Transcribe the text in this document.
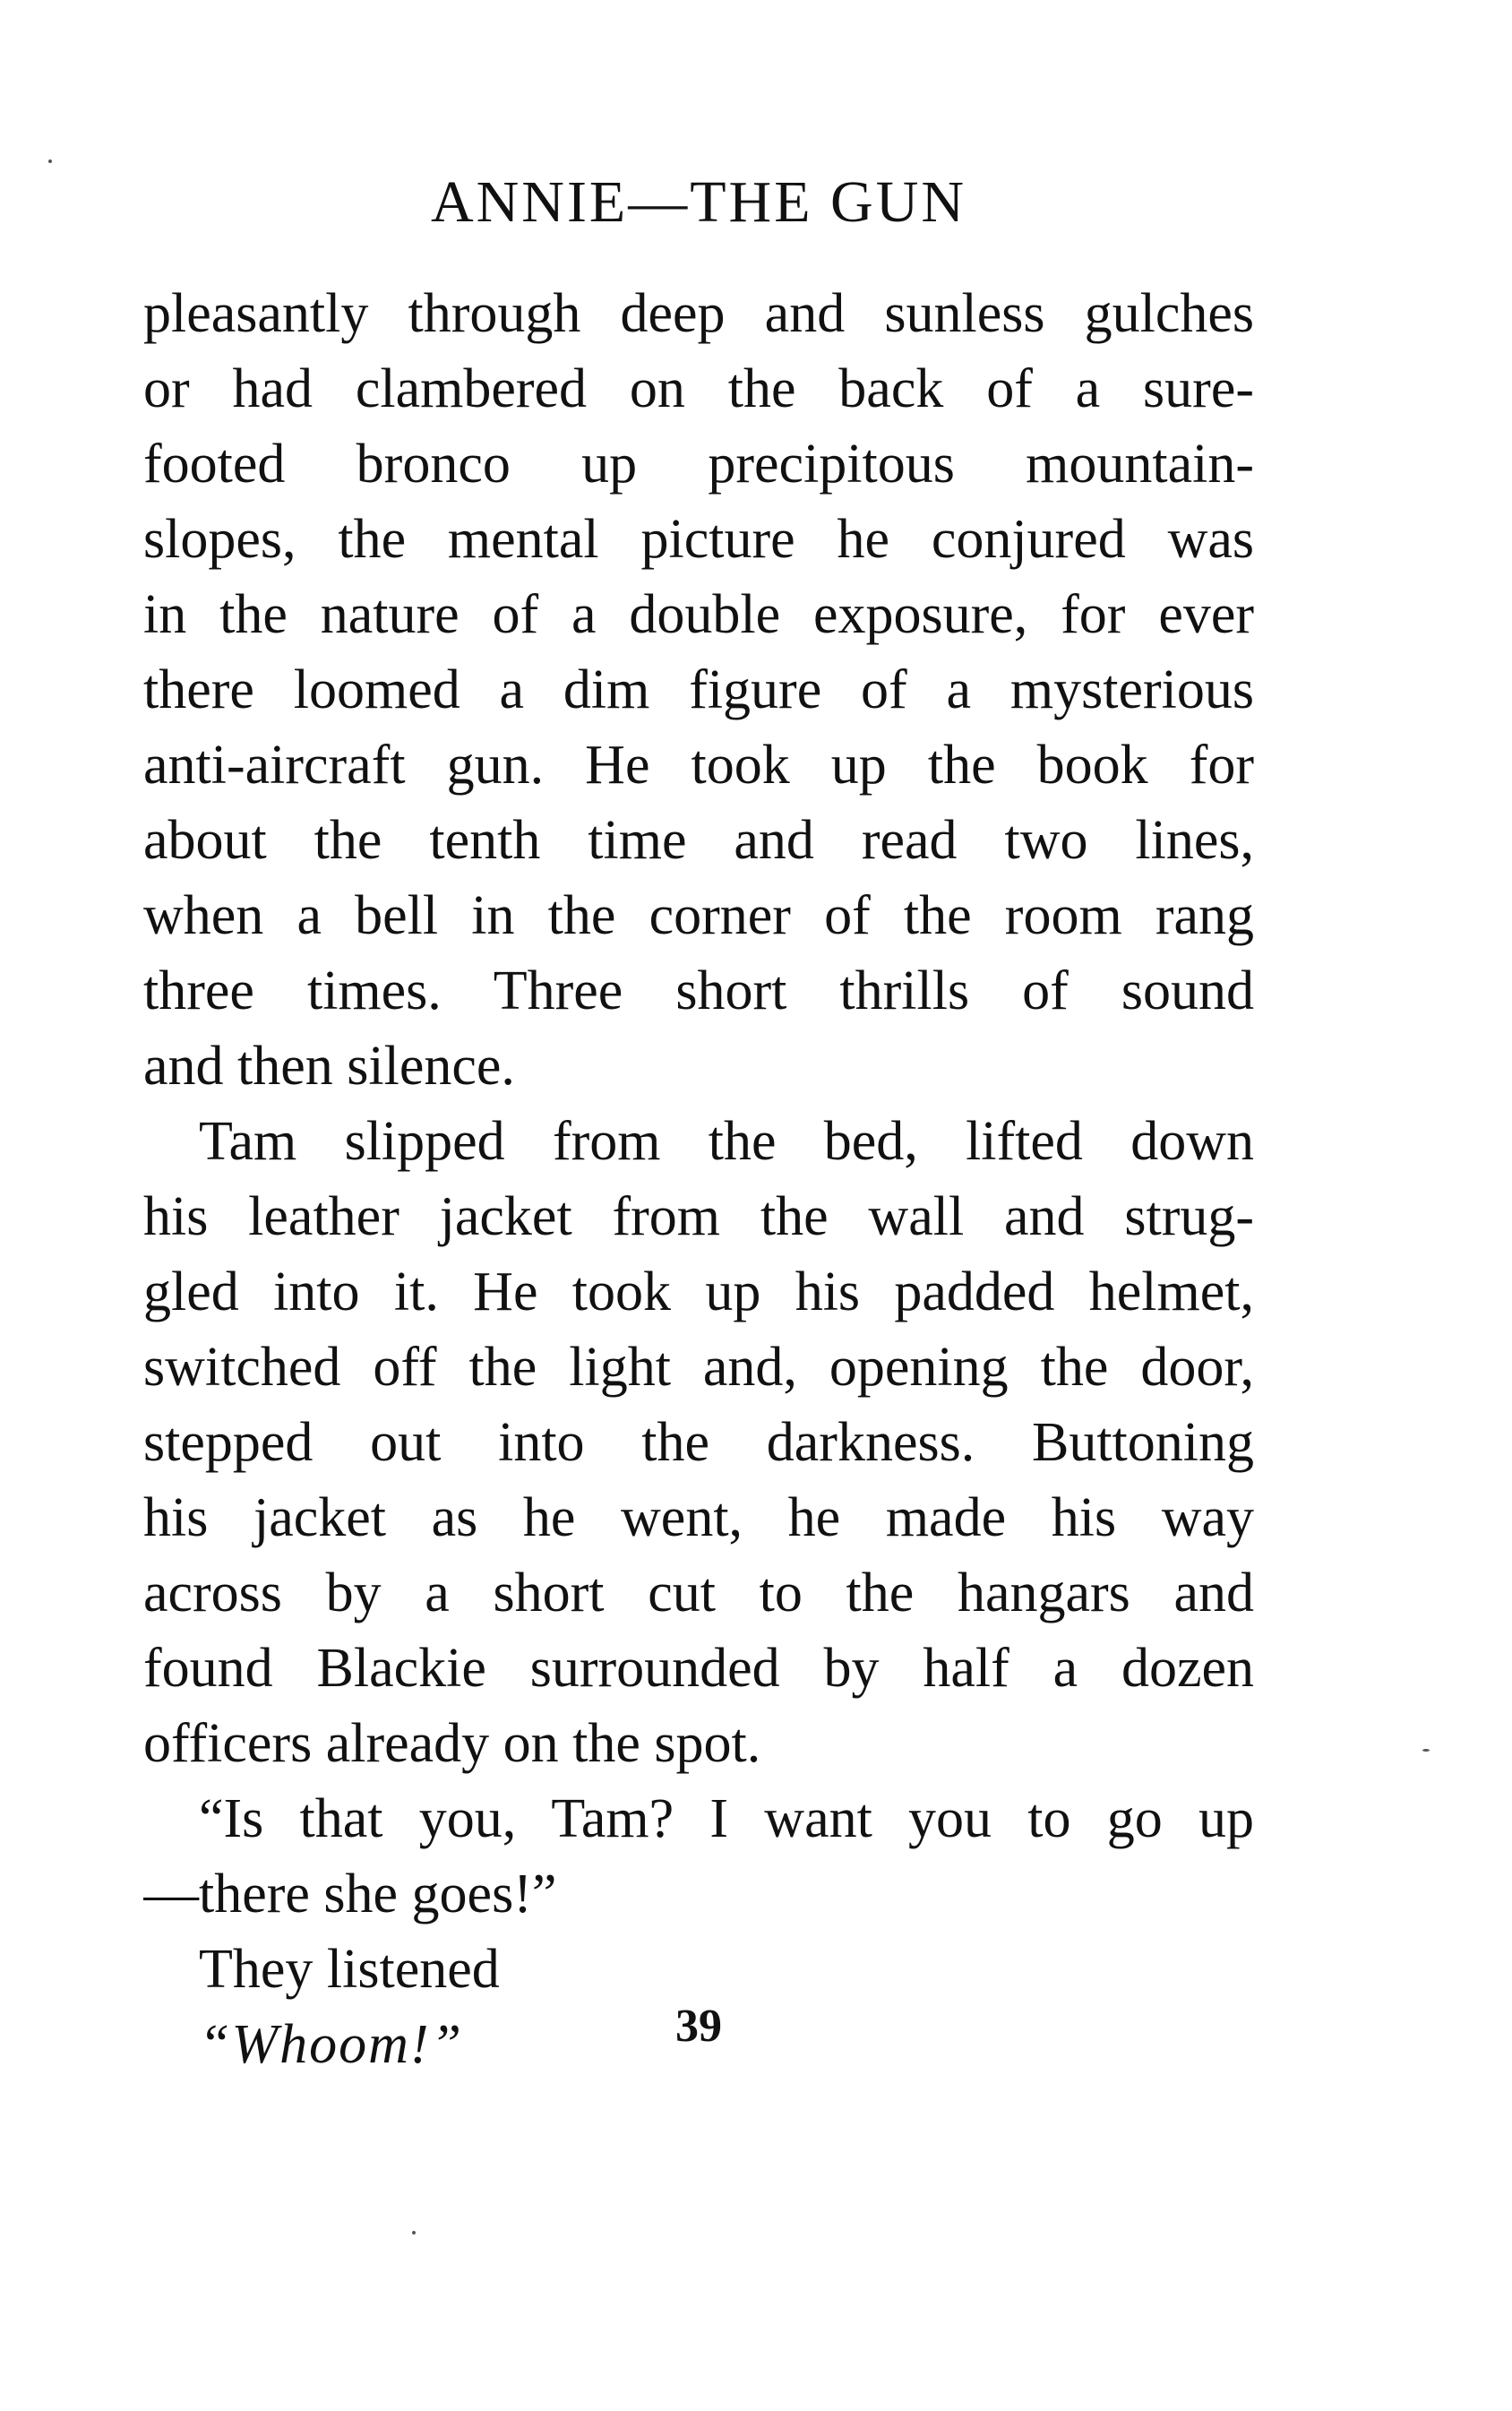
ANNIE—THE GUN
pleasantly through deep and sunless gulches
or had clambered on the back of a sure-
footed bronco up precipitous mountain-
slopes, the mental picture he conjured was
in the nature of a double exposure, for ever
there loomed a dim figure of a mysterious
anti-aircraft gun. He took up the book for
about the tenth time and read two lines,
when a bell in the corner of the room rang
three times. Three short thrills of sound
and then silence.
Tam slipped from the bed, lifted down
his leather jacket from the wall and strug-
gled into it. He took up his padded helmet,
switched off the light and, opening the door,
stepped out into the darkness. Buttoning
his jacket as he went, he made his way
across by a short cut to the hangars and
found Blackie surrounded by half a dozen
officers already on the spot.
“Is that you, Tam? I want you to go up
—there she goes!”
They listened
“Whoom!”	39
